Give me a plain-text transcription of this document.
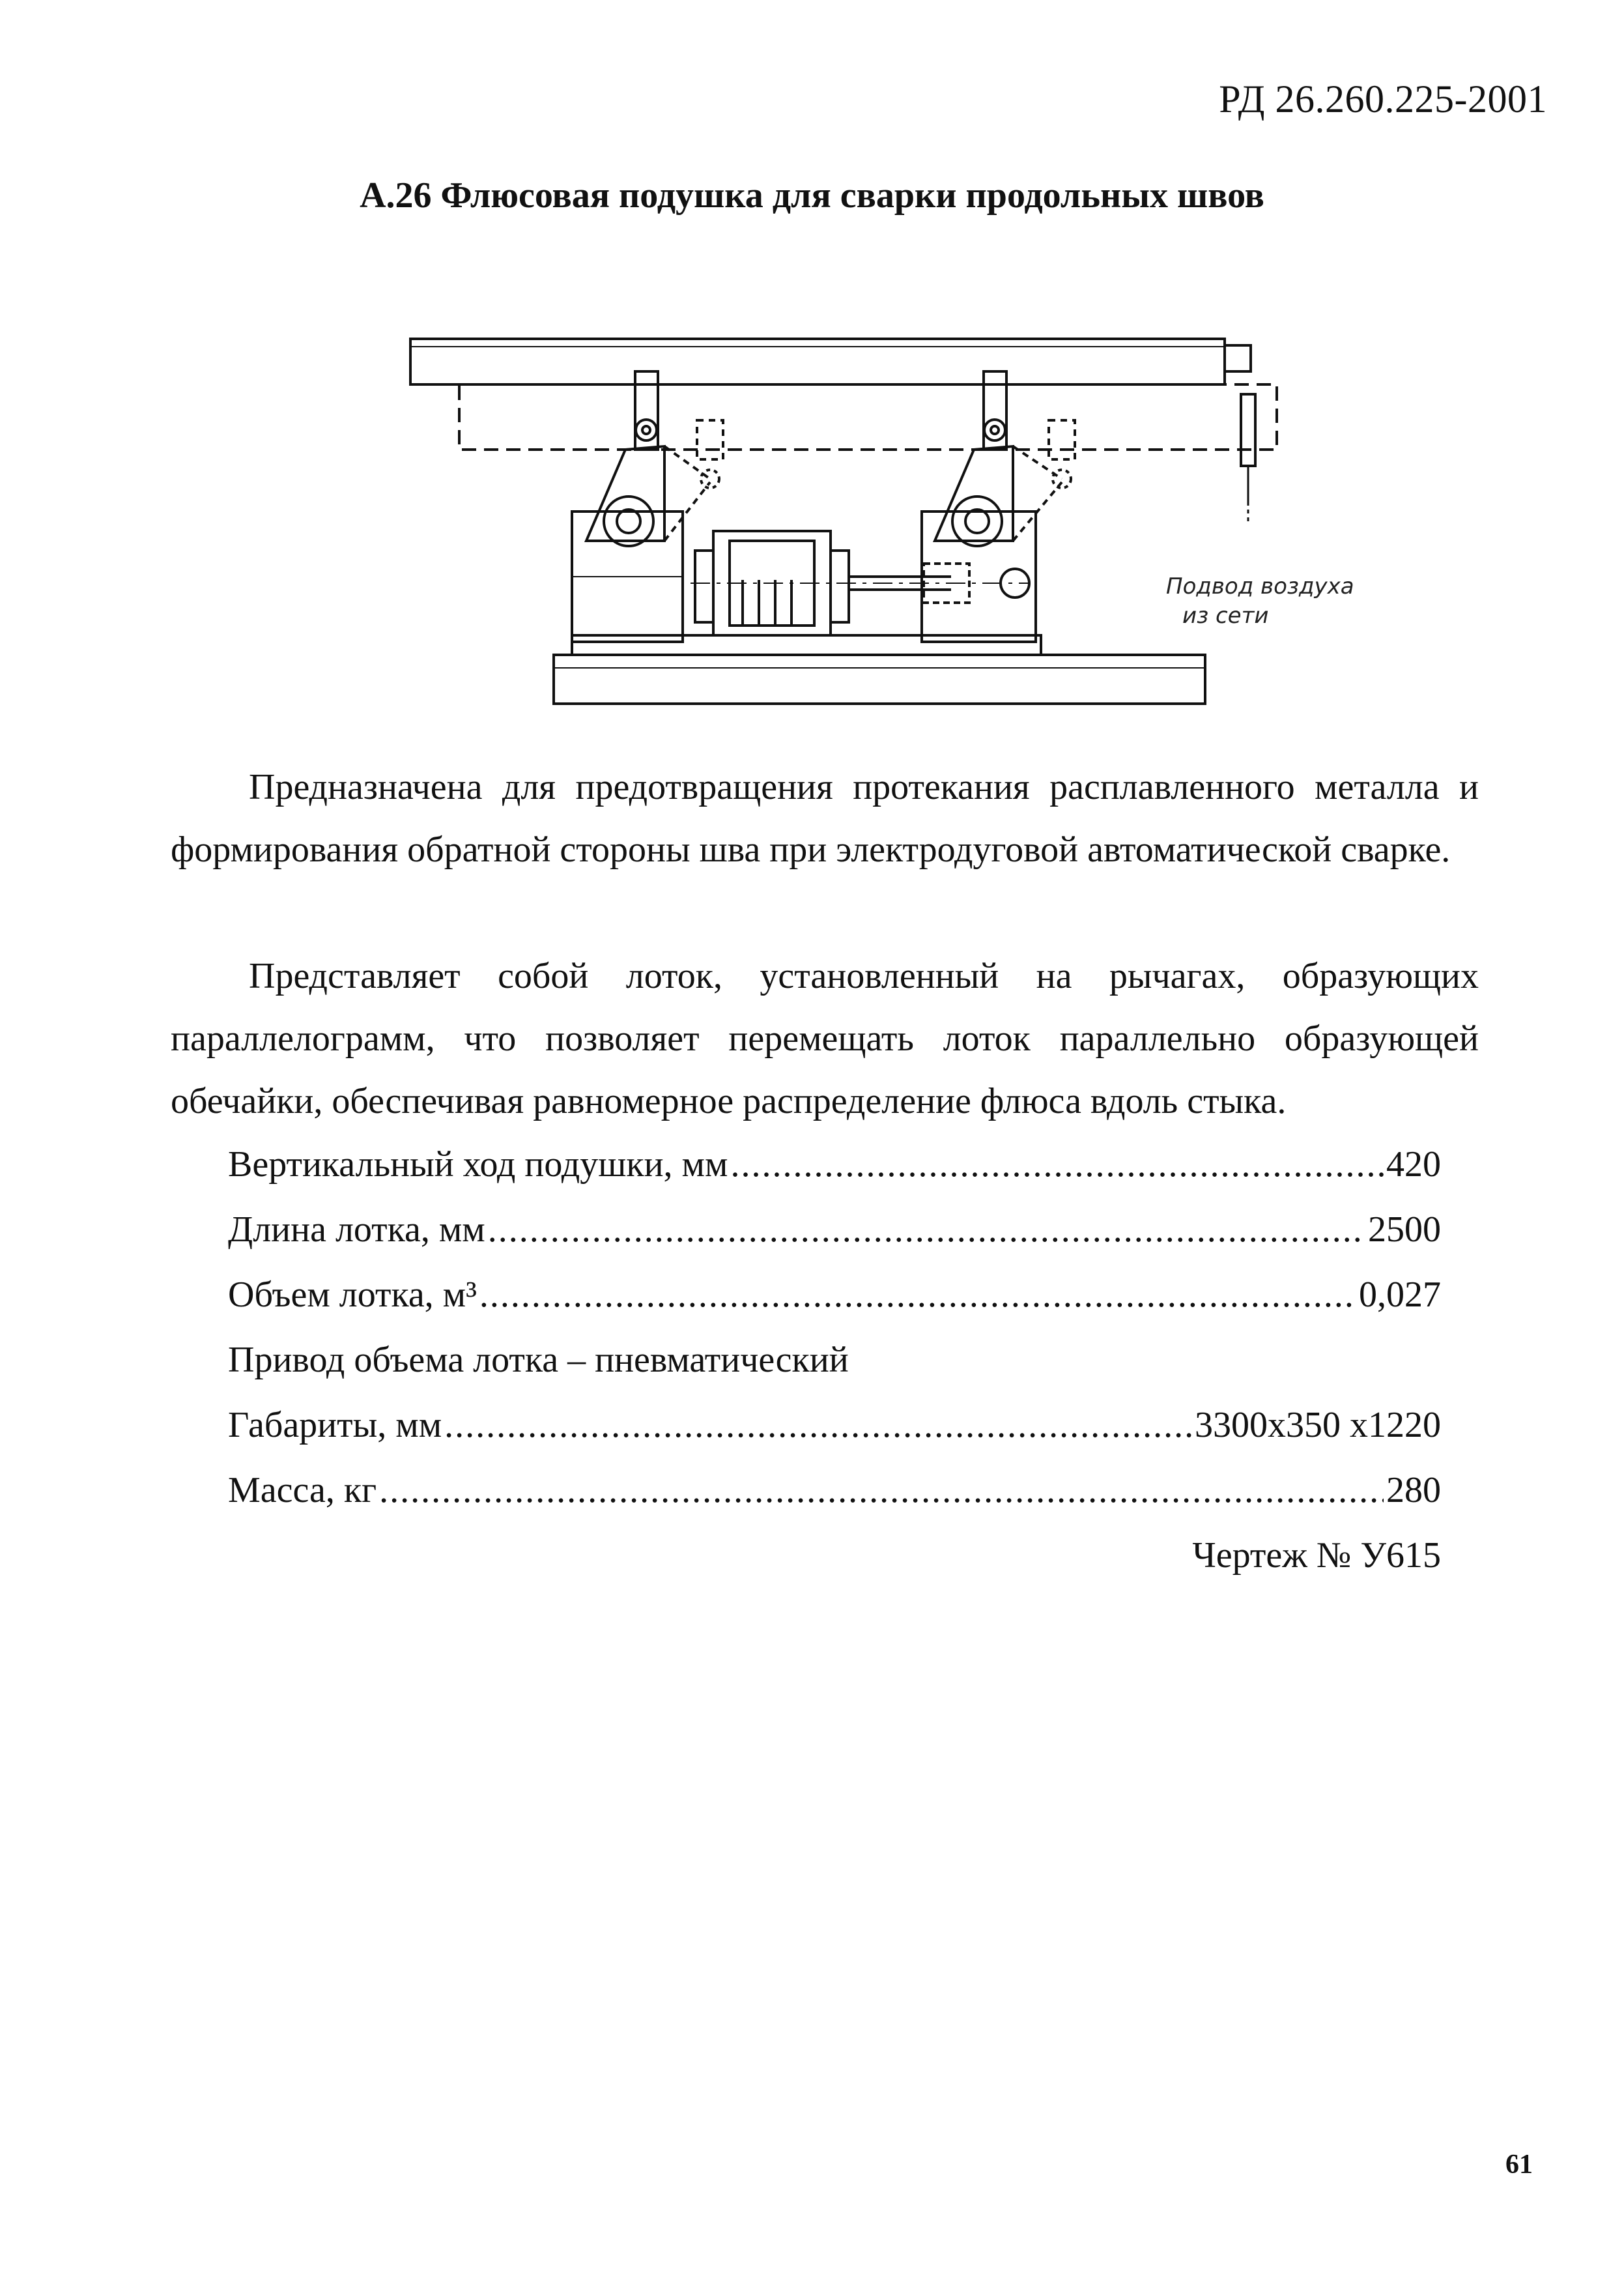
РД 26.260.225-2001
А.26 Флюсовая подушка для сварки продольных швов
Подвод воздуха
из сети

Предназначена для предотвращения протекания расплавленного металла и формирования обратной стороны шва при электродуговой автоматической сварке.

Представляет собой лоток, установленный на рычагах, образующих параллелограмм, что позволяет перемещать лоток параллельно образующей обечайки, обеспечивая равномерное распределение флюса вдоль стыка.

Вертикальный ход подушки, мм .....	420
Длина лотка, мм .....	2500
Объем лотка, м³ .....	0,027
Привод объема лотка – пневматический
Габариты, мм .....	3300х350 х1220
Масса, кг .....	280
Чертеж № У615
61
